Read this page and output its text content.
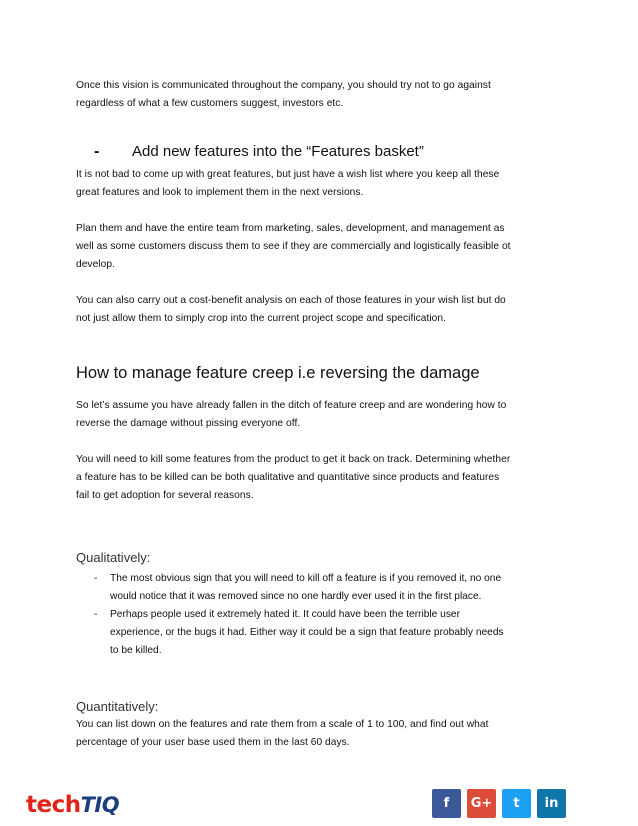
Once this vision is communicated throughout the company, you should try not to go against
regardless of what a few customers suggest, investors etc.

-	Add new features into the “Features basket”

It is not bad to come up with great features, but just have a wish list where you keep all these
great features and look to implement them in the next versions.

Plan them and have the entire team from marketing, sales, development, and management as
well as some customers discuss them to see if they are commercially and logistically feasible ot
develop.

You can also carry out a cost-benefit analysis on each of those features in your wish list but do
not just allow them to simply crop into the current project scope and specification.

How to manage feature creep i.e reversing the damage

So let’s assume you have already fallen in the ditch of feature creep and are wondering how to
reverse the damage without pissing everyone off.

You will need to kill some features from the product to get it back on track. Determining whether
a feature has to be killed can be both qualitative and quantitative since products and features
fail to get adoption for several reasons.

Qualitatively:
-	The most obvious sign that you will need to kill off a feature is if you removed it, no one
would notice that it was removed since no one hardly ever used it in the first place.
-	Perhaps people used it extremely hated it. It could have been the terrible user
experience, or the bugs it had. Either way it could be a sign that feature probably needs
to be killed.
Quantitatively:

You can list down on the features and rate them from a scale of 1 to 100, and find out what
percentage of your user base used them in the last 60 days.

tech TIQ	f G+ t in
